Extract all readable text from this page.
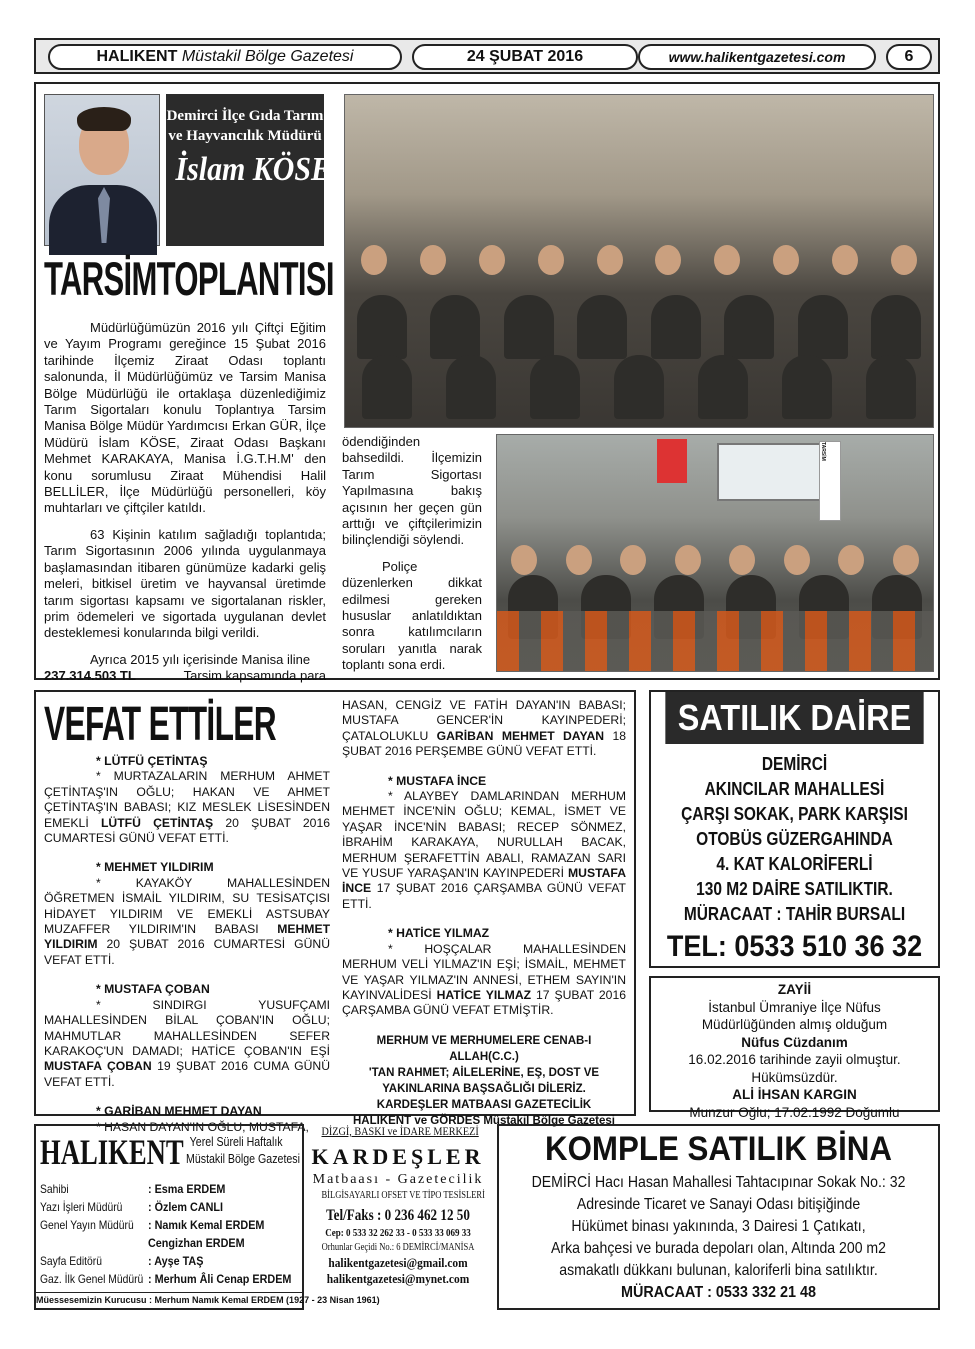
HALIKENT
Müstakil Bölge Gazetesi	24 ŞUBAT 2016	www.halikentgazetesi.com	6
Demirci İlçe Gıda Tarım ve Hayvancılık Müdürü
İslam KÖSE
TARSİMTOPLANTISI

Müdürlüğümüzün 2016 yılı Çiftçi Eğitim ve Yayım Programı gereğince 15 Şubat 2016 tarihinde İlçemiz Ziraat Odası toplantı salonunda, İl Müdürlüğümüz ve Tarsim Manisa Bölge Müdürlüğü ile ortaklaşa düzenlediğimiz Tarım Sigortaları konulu Toplantıya Tarsim Manisa Bölge Müdür Yardımcısı Erkan GÜR, İlçe Müdürü İslam KÖSE, Ziraat Odası Başkanı Mehmet KARAKAYA, Manisa İ.G.T.H.M' den konu sorumlusu Ziraat Mühendisi Halil BELLİLER, İlçe Müdürlüğü personelleri, köy muhtarları ve çiftçiler katıldı.

63 Kişinin katılım sağladığı toplantıda; Tarım Sigortasının 2006 yılında uygulanmaya başlamasından itibaren günümüze kadarki geliş meleri, bitkisel üretim ve hayvansal üretimde tarım sigortası kapsamı ve sigortalanan riskler, prim ödemeleri ve sigortada uygulanan devlet desteklemesi konularında bilgi verildi.

Ayrıca 2015 yılı içerisinde Manisa iline

237.314.503 TL	Tarsim kapsamında para

ödendiğinden bahsedildi. İlçemizin Tarım Sigortası Yapılmasına bakış açısının her geçen gün arttığı ve çiftçilerimizin bilinçlendiği söylendi.

Poliçe düzenlerken dikkat edilmesi gereken hususlar anlatıldıktan sonra katılımcıların soruları yanıtla narak toplantı sona erdi.

TARSİM
VEFAT ETTİLER

* LÜTFÜ ÇETİNTAŞ
* MURTAZALARIN MERHUM AHMET ÇETİNTAŞ'IN OĞLU; HAKAN VE AHMET ÇETİNTAŞ'IN BABASI; KIZ MESLEK LİSESİNDEN EMEKLİ LÜTFÜ ÇETİNTAŞ 20 ŞUBAT 2016 CUMARTESİ GÜNÜ VEFAT ETTİ.

* MEHMET YILDIRIM
* KAYAKÖY MAHALLESİNDEN ÖĞRETMEN İSMAİL YILDIRIM, SU TESİSATÇISI HİDAYET YILDIRIM VE EMEKLİ ASTSUBAY MUZAFFER YILDIRIM'IN BABASI MEHMET YILDIRIM 20 ŞUBAT 2016 CUMARTESİ GÜNÜ VEFAT ETTİ.

* MUSTAFA ÇOBAN
* SINDIRGI YUSUFÇAMI MAHALLESİNDEN BİLAL ÇOBAN'IN OĞLU; MAHMUTLAR MAHALLESİNDEN SEFER KARAKOÇ'UN DAMADI; HATİCE ÇOBAN'IN EŞİ MUSTAFA ÇOBAN 19 ŞUBAT 2016 CUMA GÜNÜ VEFAT ETTİ.

* GARİBAN MEHMET DAYAN
* HASAN DAYAN'IN OĞLU, MUSTAFA,

HASAN, CENGİZ VE FATİH DAYAN'IN BABASI; MUSTAFA GENCER'İN KAYINPEDERİ; ÇATALOLUKLU GARİBAN MEHMET DAYAN 18 ŞUBAT 2016 PERŞEMBE GÜNÜ VEFAT ETTİ.

* MUSTAFA İNCE
* ALAYBEY DAMLARINDAN MERHUM MEHMET İNCE'NİN OĞLU; KEMAL, İSMET VE YAŞAR İNCE'NİN BABASI; RECEP SÖNMEZ, İBRAHİM KARAKAYA, NURULLAH BACAK, MERHUM ŞERAFETTİN ABALI, RAMAZAN SARI VE YUSUF YARAŞAN'IN KAYINPEDERİ MUSTAFA İNCE 17 ŞUBAT 2016 ÇARŞAMBA GÜNÜ VEFAT ETTİ.

* HATİCE YILMAZ
* HOŞÇALAR MAHALLESİNDEN MERHUM VELİ YILMAZ'IN EŞİ; İSMAİL, MEHMET VE YAŞAR YILMAZ'IN ANNESİ, ETHEM SAYIN'IN KAYINVALİDESİ HATİCE YILMAZ 17 ŞUBAT 2016 ÇARŞAMBA GÜNÜ VEFAT ETMİŞTİR.

MERHUM VE MERHUMELERE CENAB-I ALLAH(C.C.)
'TAN RAHMET; AİLELERİNE, EŞ, DOST VE
YAKINLARINA BAŞSAĞLIĞI DİLERİZ.
KARDEŞLER MATBAASI GAZETECİLİK
HALIKENT ve GÖRDES Müstakil Bölge Gazetesi
SATILIK DAİRE
DEMİRCİ
AKINCILAR MAHALLESİ
ÇARŞI SOKAK, PARK KARŞISI
OTOBÜS GÜZERGAHINDA
4. KAT KALORİFERLİ
130 M2 DAİRE SATILIKTIR.
MÜRACAAT : TAHİR BURSALI
TEL: 0533 510 36 32
ZAYİİ
İstanbul Ümraniye İlçe Nüfus
Müdürlüğünden almış olduğum
Nüfus Cüzdanım
16.02.2016 tarihinde zayii olmuştur.
Hükümsüzdür.
ALİ İHSAN KARGIN
Munzur Oğlu; 17.02.1992 Doğumlu
HALIKENT Yerel Süreli Haftalık
Müstakil Bölge Gazetesi
Sahibi	: Esma ERDEM
Yazı İşleri Müdürü	: Özlem CANLI
Genel Yayın Müdürü : Namık Kemal ERDEM
Cengizhan ERDEM
Sayfa Editörü	: Ayşe TAŞ
Gaz. İlk Genel Müdürü : Merhum Âli Cenap ERDEM
Müessesemizin Kurucusu : Merhum Namık Kemal ERDEM (1927 - 23 Nisan 1961)
DİZGİ, BASKI ve İDARE MERKEZİ
KARDEŞLER
Matbaası - Gazetecilik
BİLGİSAYARLI OFSET VE TİPO TESİSLERİ
Tel/Faks : 0 236 462 12 50
Cep: 0 533 32 262 33 - 0 533 33 069 33
Orhunlar Geçidi No.: 6 DEMİRCİ/MANİSA
halikentgazetesi@gmail.com
halikentgazetesi@mynet.com
KOMPLE SATILIK BİNA
DEMİRCİ Hacı Hasan Mahallesi Tahtacıpınar Sokak No.: 32
Adresinde Ticaret ve Sanayi Odası bitişiğinde
Hükümet binası yakınında, 3 Dairesi 1 Çatıkatı,
Arka bahçesi ve burada depoları olan, Altında 200 m2
asmakatlı dükkanı bulunan, kaloriferli bina satılıktır.
MÜRACAAT : 0533 332 21 48
